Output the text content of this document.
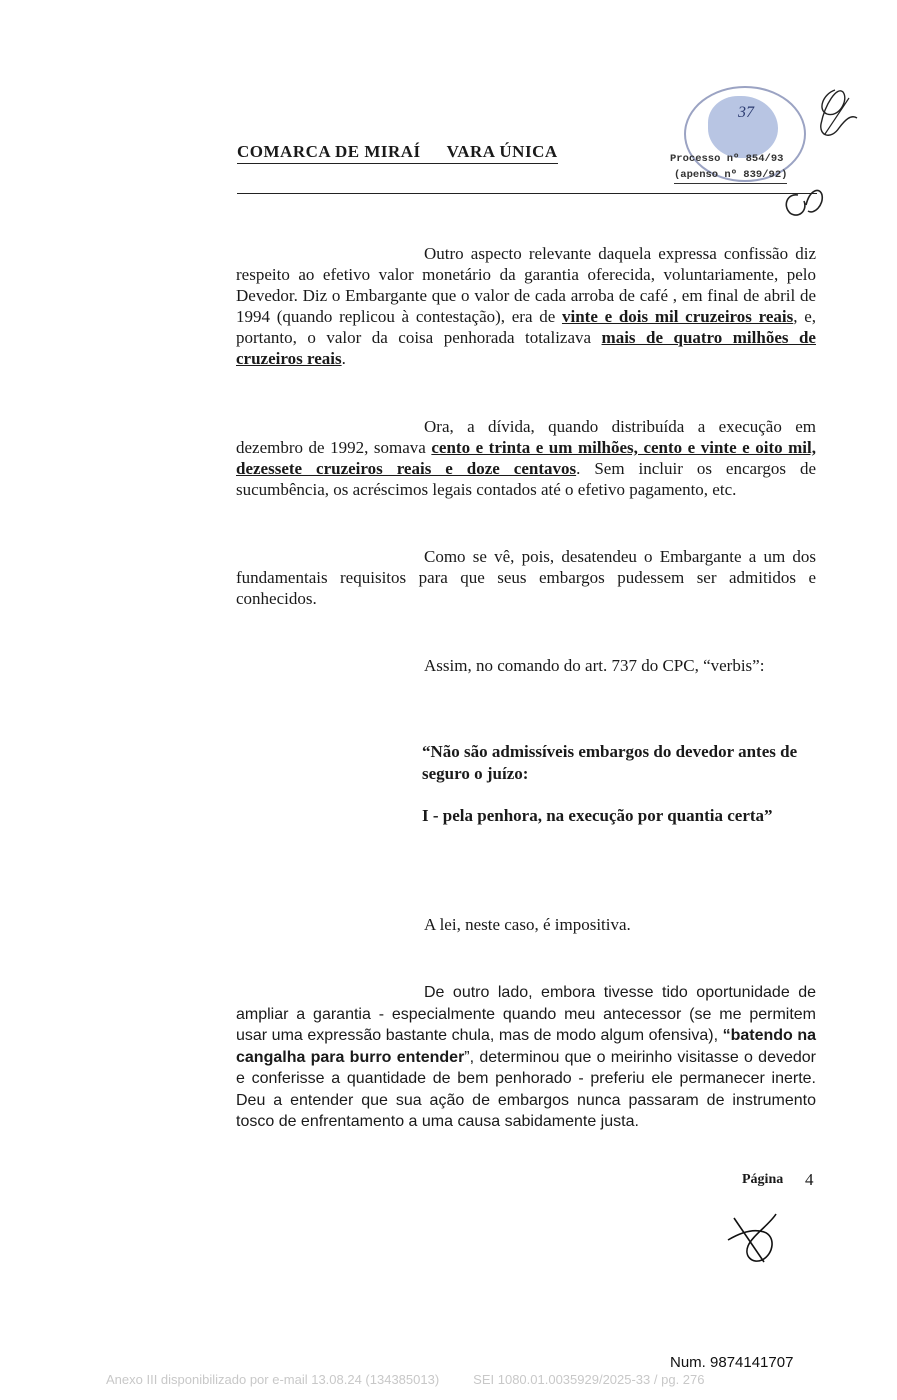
COMARCA DE MIRAÍ VARA ÚNICA
37
Processo nº 854/93
(apenso nº 839/92)

Outro aspecto relevante daquela expressa confissão diz respeito ao efetivo valor monetário da garantia oferecida, voluntariamente, pelo Devedor. Diz o Embargante que o valor de cada arroba de café , em final de abril de 1994 (quando replicou à contestação), era de vinte e dois mil cruzeiros reais, e, portanto, o valor da coisa penhorada totalizava mais de quatro milhões de cruzeiros reais.

Ora, a dívida, quando distribuída a execução em dezembro de 1992, somava cento e trinta e um milhões, cento e vinte e oito mil, dezessete cruzeiros reais e doze centavos. Sem incluir os encargos de sucumbência, os acréscimos legais contados até o efetivo pagamento, etc.

Como se vê, pois, desatendeu o Embargante a um dos fundamentais requisitos para que seus embargos pudessem ser admitidos e conhecidos.

Assim, no comando do art. 737 do CPC, “verbis”:

“Não são admissíveis embargos do devedor antes de seguro o juízo:
I - pela penhora, na execução por quantia certa”

A lei, neste caso, é impositiva.

De outro lado, embora tivesse tido oportunidade de ampliar a garantia - especialmente quando meu antecessor (se me permitem usar uma expressão bastante chula, mas de modo algum ofensiva), “batendo na cangalha para burro entender”, determinou que o meirinho visitasse o devedor e conferisse a quantidade de bem penhorado - preferiu ele permanecer inerte. Deu a entender que sua ação de embargos nunca passaram de instrumento tosco de enfrentamento a uma causa sabidamente justa.

Página 4
Num. 9874141707
Anexo III disponibilizado por e-mail 13.08.24 (134385013)	SEI 1080.01.0035929/2025-33 / pg. 276
